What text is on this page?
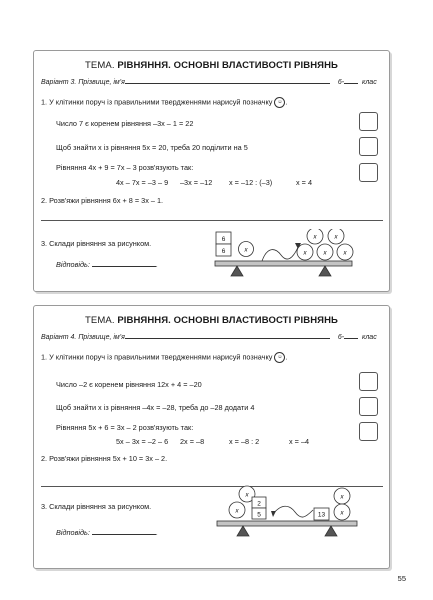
ТЕМА. РІВНЯННЯ. ОСНОВНІ ВЛАСТИВОСТІ РІВНЯНЬ
Варіант 3. Прізвище, ім'я	6-	клас
1. У клітинки поруч із правильними твердженнями нарисуй позначку ☺ .
Число 7 є коренем рівняння –3x – 1 = 22
Щоб знайти x із рівняння 5x = 20, треба 20 поділити на 5
Рівняння 4x + 9 = 7x – 3 розв'язують так:
4x – 7x = –3 – 9 –3x = –12 x = –12 : (–3)	x = 4
2. Розв'яжи рівняння 6x + 8 = 3x – 1.
3. Склади рівняння за рисунком.
Відповідь:	.
6
6	x
x	x
x	x	x
ТЕМА. РІВНЯННЯ. ОСНОВНІ ВЛАСТИВОСТІ РІВНЯНЬ
Варіант 4. Прізвище, ім'я	6-	клас
1. У клітинки поруч із правильними твердженнями нарисуй позначку ☺ .
Число –2 є коренем рівняння 12x + 4 = –20
Щоб знайти x із рівняння –4x = –28, треба до –28 додати 4
Рівняння 5x + 6 = 3x – 2 розв'язують так:
5x – 3x = –2 – 6 2x = –8	x = –8 : 2	x = –4
2. Розв'яжи рівняння 5x + 10 = 3x – 2.
3. Склади рівняння за рисунком.
Відповідь:	.
x
x
2
5	13
x
x
55
